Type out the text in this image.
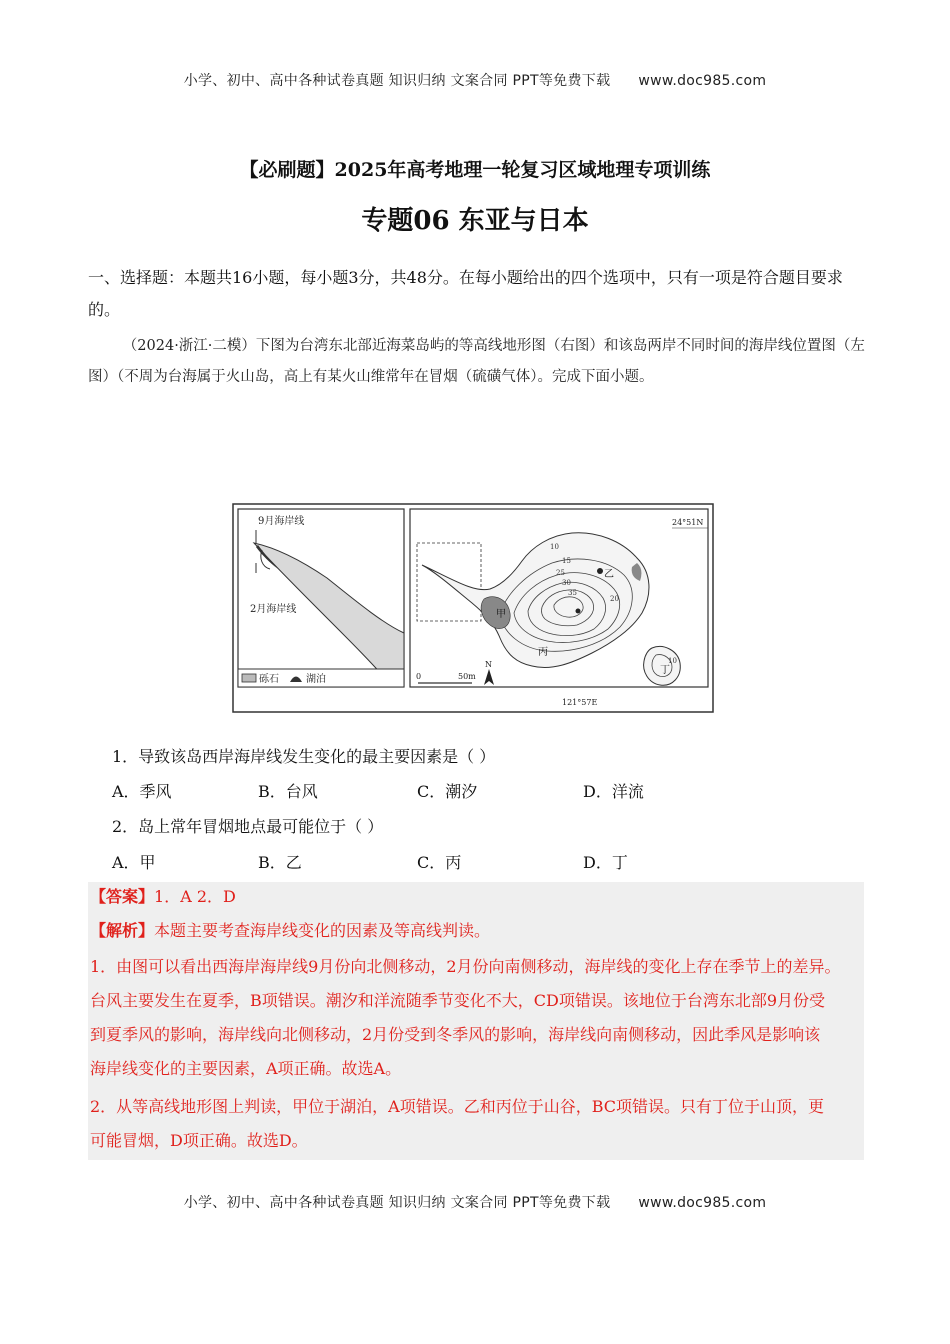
小学、初中、高中各种试卷真题 知识归纳 文案合同 PPT等免费下载 www.doc985.com
【必刷题】2025年高考地理一轮复习区域地理专项训练
专题06 东亚与日本
一、选择题：本题共16小题，每小题3分，共48分。在每小题给出的四个选项中，只有一项是符合题目要求的。
（2024·浙江·二模）下图为台湾东北部近海菜岛屿的等高线地形图（右图）和该岛两岸不同时间的海岸线位置图（左图）（不周为台海属于火山岛，高上有某火山维常年在冒烟（硫磺气体）。完成下面小题。
9月海岸线
2月海岸线
砾石	湖泊
甲
乙
丙
丁
10
15
25
30
35
20
10
24°51N
0	50m
N
121°57E
1．导致该岛西岸海岸线发生变化的最主要因素是（ ）
A．季风	B．台风	C．潮汐	D．洋流
2．岛上常年冒烟地点最可能位于（ ）
A．甲	B．乙	C．丙	D．丁
【答案】1．A 2．D
【解析】本题主要考查海岸线变化的因素及等高线判读。
1．由图可以看出西海岸海岸线9月份向北侧移动，2月份向南侧移动，海岸线的变化上存在季节上的差异。
台风主要发生在夏季，B项错误。潮汐和洋流随季节变化不大，CD项错误。该地位于台湾东北部9月份受
到夏季风的影响，海岸线向北侧移动，2月份受到冬季风的影响，海岸线向南侧移动，因此季风是影响该
海岸线变化的主要因素，A项正确。故选A。
2．从等高线地形图上判读，甲位于湖泊，A项错误。乙和丙位于山谷，BC项错误。只有丁位于山顶，更
可能冒烟，D项正确。故选D。
小学、初中、高中各种试卷真题 知识归纳 文案合同 PPT等免费下载 www.doc985.com
